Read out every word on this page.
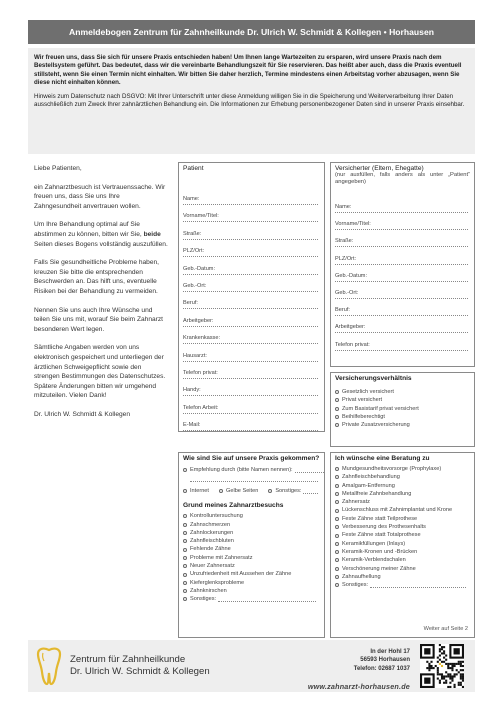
Anmeldebogen Zentrum für Zahnheilkunde Dr. Ulrich W. Schmidt & Kollegen • Horhausen

Wir freuen uns, dass Sie sich für unsere Praxis entschieden haben! Um Ihnen lange Wartezeiten zu ersparen, wird unsere Praxis nach dem Bestellsystem geführt. Das bedeutet, dass wir die vereinbarte Behandlungszeit für Sie reservieren. Das heißt aber auch, dass die Praxis eventuell stillsteht, wenn Sie einen Termin nicht einhalten. Wir bitten Sie daher herzlich, Termine mindestens einen Arbeitstag vorher abzusagen, wenn Sie diese nicht einhalten können.

Hinweis zum Datenschutz nach DSGVO: Mit Ihrer Unterschrift unter diese Anmeldung willigen Sie in die Speicherung und Weiterverarbeitung Ihrer Daten ausschließlich zum Zweck Ihrer zahnärztlichen Behandlung ein. Die Informationen zur Erhebung personenbezogener Daten sind in unserer Praxis einsehbar.

Liebe Patienten,

ein Zahnarztbesuch ist Vertrauenssache. Wir freuen uns, dass Sie uns Ihre Zahngesundheit anvertrauen wollen.

Um Ihre Behandlung optimal auf Sie abstimmen zu können, bitten wir Sie, beide Seiten dieses Bogens vollständig auszufüllen.

Falls Sie gesundheitliche Probleme haben, kreuzen Sie bitte die entsprechenden Beschwerden an. Das hilft uns, eventuelle Risiken bei der Behandlung zu vermeiden.

Nennen Sie uns auch Ihre Wünsche und teilen Sie uns mit, worauf Sie beim Zahnarzt besonderen Wert legen.

Sämtliche Angaben werden von uns elektronisch gespeichert und unterliegen der ärztlichen Schweigepflicht sowie den strengen Bestimmungen des Datenschutzes. Spätere Änderungen bitten wir umgehend mitzuteilen. Vielen Dank!

Dr. Ulrich W. Schmidt & Kollegen

Patient
Name:
Vorname/Titel:
Straße:
PLZ/Ort:
Geb.-Datum:
Geb.-Ort:
Beruf:
Arbeitgeber:
Krankenkasse:
Hausarzt:
Telefon privat:
Handy:
Telefon Arbeit:
E-Mail:
Versicherter (Eltern, Ehegatte)
(nur ausfüllen, falls anders als unter „Patient“ angegeben)
Name:
Vorname/Titel:
Straße:
PLZ/Ort:
Geb.-Datum:
Geb.-Ort:
Beruf:
Arbeitgeber:
Telefon privat:
Versicherungsverhältnis
Gesetzlich versichert
Privat versichert
Zum Basistarif privat versichert
Beihilfeberechtigt
Private Zusatzversicherung
Wie sind Sie auf unsere Praxis gekommen?
Empfehlung durch (bitte Namen nennen):
Internet	Gelbe Seiten	Sonstiges:
Grund meines Zahnarztbesuchs
Kontrolluntersuchung
Zahnschmerzen
Zahnlockerungen
Zahnfleischbluten
Fehlende Zähne
Probleme mit Zahnersatz
Neuer Zahnersatz
Unzufriedenheit mit Aussehen der Zähne
Kieferglenksprobleme
Zahnknirschen
Sonstiges:
Ich wünsche eine Beratung zu
Mundgesundheitsvorsorge (Prophylaxe)
Zahnfleischbehandlung
Amalgam-Entfernung
Metallfreie Zahnbehandlung
Zahnersatz
Lückenschluss mit Zahnimplantat und Krone
Feste Zähne statt Teilprothese
Verbesserung des Prothesenhalts
Feste Zähne statt Totalprothese
Keramikfüllungen (Inlays)
Keramik-Kronen und -Brücken
Keramik-Verblendschalen
Verschönerung meiner Zähne
Zahnaufhellung
Sonstiges:
Weiter auf Seite 2
Zentrum für Zahnheilkunde
Dr. Ulrich W. Schmidt & Kollegen
In der Hohl 17
56593 Horhausen
Telefon: 02687 1037
www.zahnarzt-horhausen.de
